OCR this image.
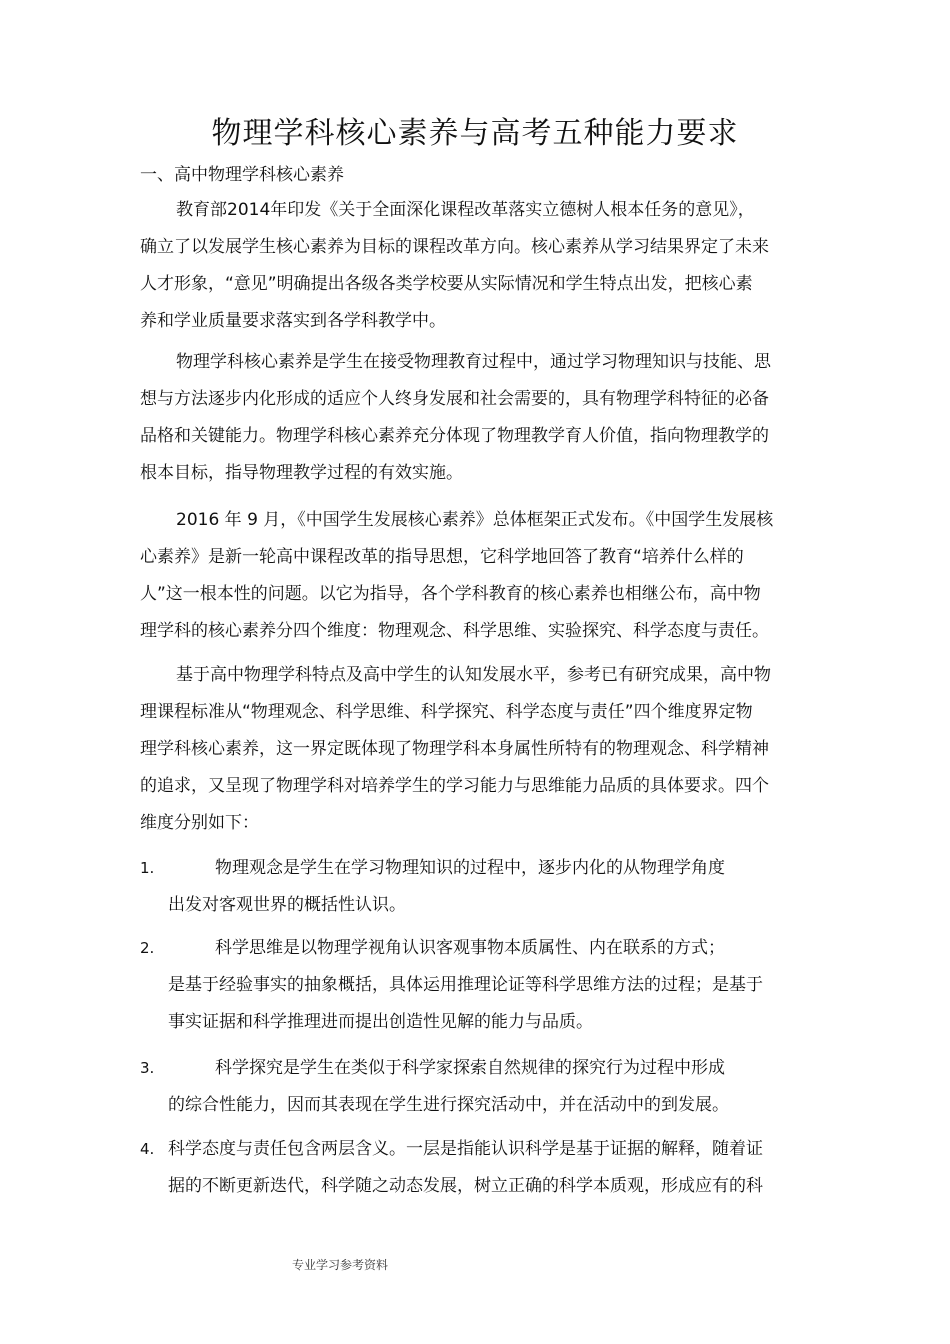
物理学科核心素养与高考五种能力要求
一、高中物理学科核心素养
教育部2014年印发《关于全面深化课程改革落实立德树人根本任务的意见》，
确立了以发展学生核心素养为目标的课程改革方向。核心素养从学习结果界定了未来
人才形象，“意见”明确提出各级各类学校要从实际情况和学生特点出发，把核心素
养和学业质量要求落实到各学科教学中。
物理学科核心素养是学生在接受物理教育过程中，通过学习物理知识与技能、思
想与方法逐步内化形成的适应个人终身发展和社会需要的，具有物理学科特征的必备
品格和关键能力。物理学科核心素养充分体现了物理教学育人价值，指向物理教学的
根本目标，指导物理教学过程的有效实施。
2016 年 9 月，《中国学生发展核心素养》总体框架正式发布。《中国学生发展核
心素养》是新一轮高中课程改革的指导思想，它科学地回答了教育“培养什么样的
人”这一根本性的问题。以它为指导，各个学科教育的核心素养也相继公布，高中物
理学科的核心素养分四个维度：物理观念、科学思维、实验探究、科学态度与责任。
基于高中物理学科特点及高中学生的认知发展水平，参考已有研究成果，高中物
理课程标准从“物理观念、科学思维、科学探究、科学态度与责任”四个维度界定物
理学科核心素养，这一界定既体现了物理学科本身属性所特有的物理观念、科学精神
的追求，又呈现了物理学科对培养学生的学习能力与思维能力品质的具体要求。四个
维度分别如下：
1.	物理观念是学生在学习物理知识的过程中，逐步内化的从物理学角度
出发对客观世界的概括性认识。
2.	科学思维是以物理学视角认识客观事物本质属性、内在联系的方式；
是基于经验事实的抽象概括，具体运用推理论证等科学思维方法的过程；是基于
事实证据和科学推理进而提出创造性见解的能力与品质。
3.	科学探究是学生在类似于科学家探索自然规律的探究行为过程中形成
的综合性能力，因而其表现在学生进行探究活动中，并在活动中的到发展。
4. 科学态度与责任包含两层含义。一层是指能认识科学是基于证据的解释，随着证
据的不断更新迭代，科学随之动态发展，树立正确的科学本质观，形成应有的科
专业学习参考资料
